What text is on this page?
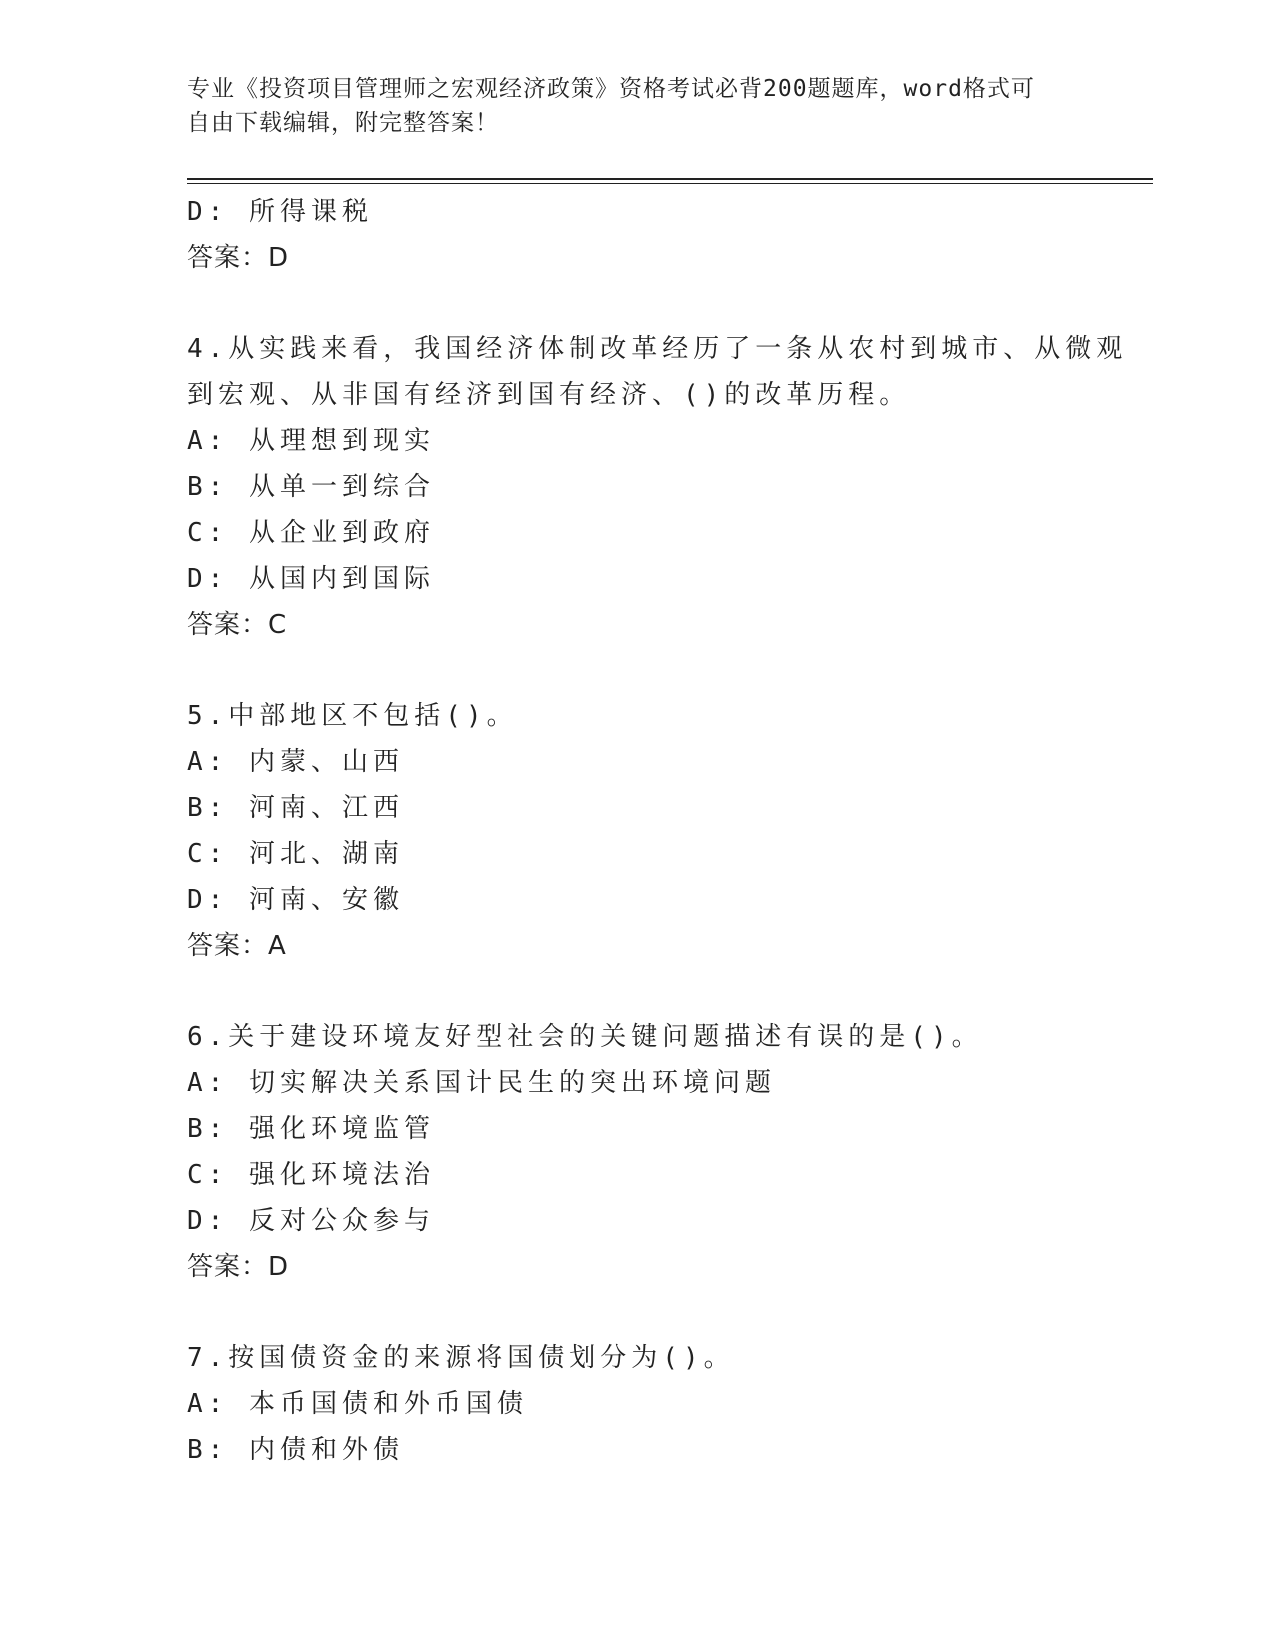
专业《投资项目管理师之宏观经济政策》资格考试必背200题题库，word格式可
自由下载编辑，附完整答案！
D: 所得课税
答案：D
4.从实践来看，我国经济体制改革经历了一条从农村到城市、从微观
到宏观、从非国有经济到国有经济、()的改革历程。
A: 从理想到现实
B: 从单一到综合
C: 从企业到政府
D: 从国内到国际
答案：C
5.中部地区不包括()。
A: 内蒙、山西
B: 河南、江西
C: 河北、湖南
D: 河南、安徽
答案：A
6.关于建设环境友好型社会的关键问题描述有误的是()。
A: 切实解决关系国计民生的突出环境问题
B: 强化环境监管
C: 强化环境法治
D: 反对公众参与
答案：D
7.按国债资金的来源将国债划分为()。
A: 本币国债和外币国债
B: 内债和外债
